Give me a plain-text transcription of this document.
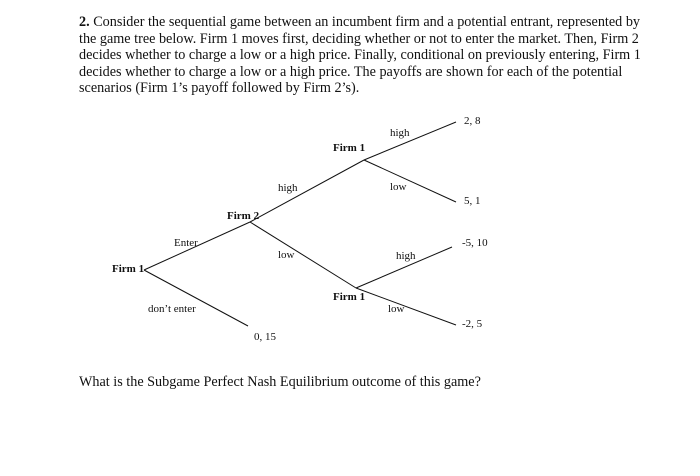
2. Consider the sequential game between an incumbent firm and a potential entrant, represented by the game tree below. Firm 1 moves first, deciding whether or not to enter the market. Then, Firm 2 decides whether to charge a low or a high price. Finally, conditional on previously entering, Firm 1 decides whether to charge a low or a high price. The payoffs are shown for each of the potential scenarios (Firm 1’s payoff followed by Firm 2’s).
Firm 1
Firm 2
Firm 1
Firm 1
Enter
don’t enter
high
low
high
low
high
low
2, 8
5, 1
-5, 10
-2, 5
0, 15
What is the Subgame Perfect Nash Equilibrium outcome of this game?
